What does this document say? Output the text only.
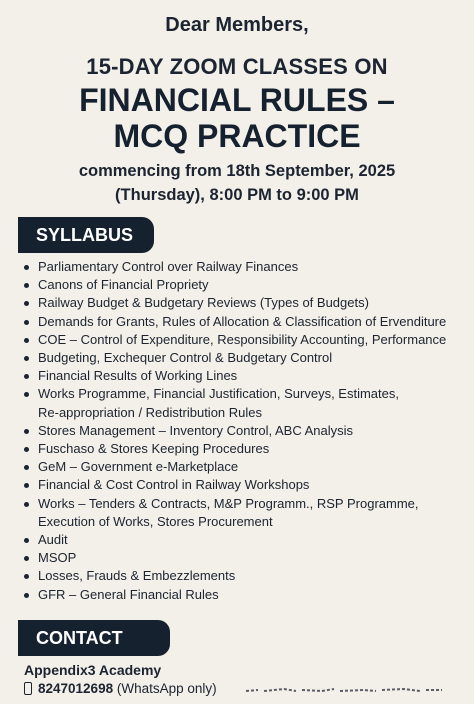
Dear Members,
15-DAY ZOOM CLASSES ON
FINANCIAL RULES –
MCQ PRACTICE
commencing from 18th September, 2025
(Thursday), 8:00 PM to 9:00 PM
SYLLABUS
Parliamentary Control over Railway Finances
Canons of Financial Propriety
Railway Budget & Budgetary Reviews (Types of Budgets)
Demands for Grants, Rules of Allocation & Classification of Ervenditure
COE – Control of Expenditure, Responsibility Accounting, Performance
Budgeting, Exchequer Control & Budgetary Control
Financial Results of Working Lines
Works Programme, Financial Justification, Surveys, Estimates,
Re-appropriation / Redistribution Rules
Stores Management – Inventory Control, ABC Analysis
Fuschaso & Stores Keeping Procedures
GeM – Government e-Marketplace
Financial & Cost Control in Railway Workshops
Works – Tenders & Contracts, M&P Programm., RSP Programme,
Execution of Works, Stores Procurement
Audit
MSOP
Losses, Frauds & Embezzlements
GFR – General Financial Rules
CONTACT
Appendix3 Academy
8247012698 (WhatsApp only)
